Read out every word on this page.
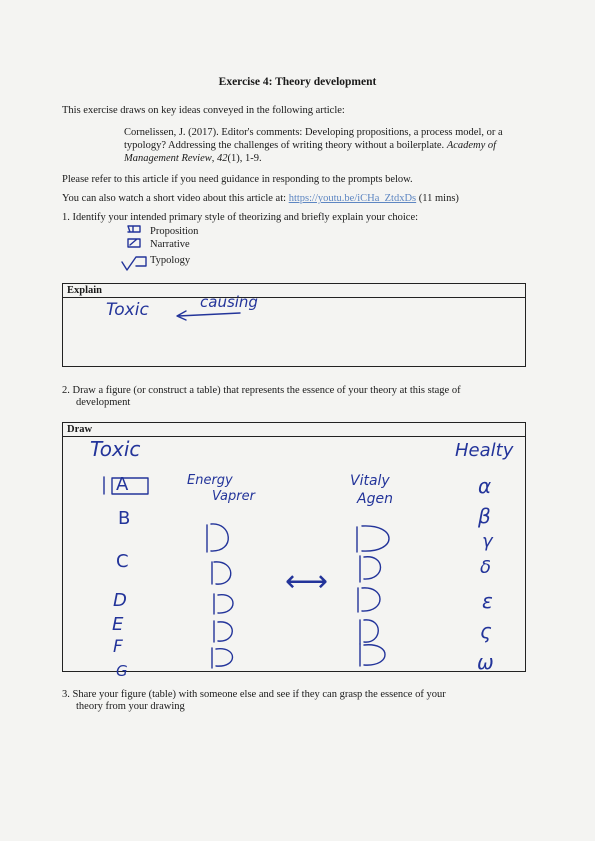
Exercise 4: Theory development
This exercise draws on key ideas conveyed in the following article:
Cornelissen, J. (2017). Editor's comments: Developing propositions, a process model, or a typology? Addressing the challenges of writing theory without a boilerplate. Academy of Management Review, 42(1), 1-9.
Please refer to this article if you need guidance in responding to the prompts below.
You can also watch a short video about this article at: https://youtu.be/iCHa_ZtdxDs (11 mins)
1. Identify your intended primary style of theorizing and briefly explain your choice:
Proposition
Narrative
Typology
Explain
Toxic	causing
2. Draw a figure (or construct a table) that represents the essence of your theory at this stage of
development
Draw
Toxic	Healty
Energy
Vaprer
Vitaly
Agen
A
B
C
D
E
F
G
α
β
γ
δ
ε
ς
ω
⟷
3. Share your figure (table) with someone else and see if they can grasp the essence of your
theory from your drawing
